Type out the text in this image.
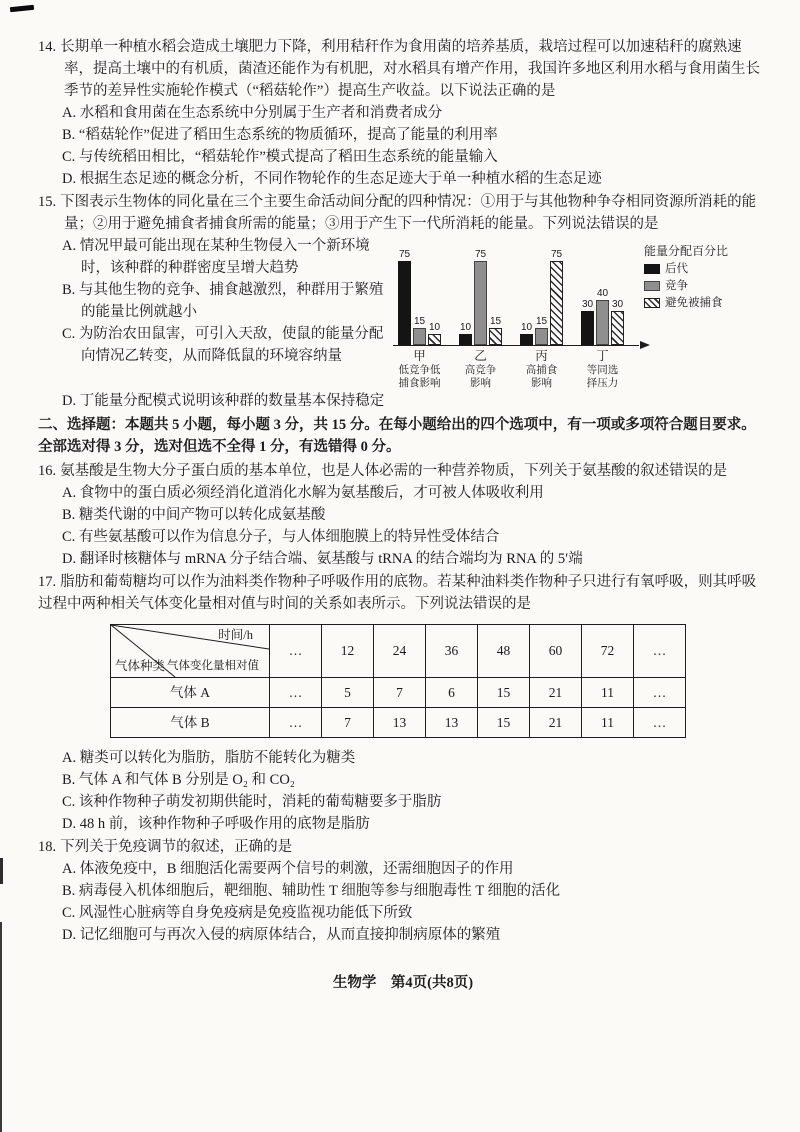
14. 长期单一种植水稻会造成土壤肥力下降，利用秸秆作为食用菌的培养基质，栽培过程可以加速秸秆的腐熟速率，提高土壤中的有机质，菌渣还能作为有机肥，对水稻具有增产作用，我国许多地区利用水稻与食用菌生长季节的差异性实施轮作模式（“稻菇轮作”）提高生产收益。以下说法正确的是
A. 水稻和食用菌在生态系统中分别属于生产者和消费者成分
B. “稻菇轮作”促进了稻田生态系统的物质循环，提高了能量的利用率
C. 与传统稻田相比，“稻菇轮作”模式提高了稻田生态系统的能量输入
D. 根据生态足迹的概念分析，不同作物轮作的生态足迹大于单一种植水稻的生态足迹
15. 下图表示生物体的同化量在三个主要生命活动间分配的四种情况：①用于与其他物种争夺相同资源所消耗的能量；②用于避免捕食者捕食所需的能量；③用于产生下一代所消耗的能量。下列说法错误的是
A. 情况甲最可能出现在某种生物侵入一个新环境时，该种群的种群密度呈增大趋势
B. 与其他生物的竞争、捕食越激烈，种群用于繁殖的能量比例就越小
C. 为防治农田鼠害，可引入天敌，使鼠的能量分配向情况乙转变，从而降低鼠的环境容纳量
75
15
10
甲
低竞争低
捕食影响
10
75
15
乙
高竞争
影响
10
15
75
丙
高捕食
影响
30
40
30
丁
等同选
择压力
能量分配百分比
后代
竞争
避免被捕食
D. 丁能量分配模式说明该种群的数量基本保持稳定
二、选择题：本题共 5 小题，每小题 3 分，共 15 分。在每小题给出的四个选项中，有一项或多项符合题目要求。全部选对得 3 分，选对但选不全得 1 分，有选错得 0 分。
16. 氨基酸是生物大分子蛋白质的基本单位，也是人体必需的一种营养物质，下列关于氨基酸的叙述错误的是
A. 食物中的蛋白质必须经消化道消化水解为氨基酸后，才可被人体吸收利用
B. 糖类代谢的中间产物可以转化成氨基酸
C. 有些氨基酸可以作为信息分子，与人体细胞膜上的特异性受体结合
D. 翻译时核糖体与 mRNA 分子结合端、氨基酸与 tRNA 的结合端均为 RNA 的 5′端
17. 脂肪和葡萄糖均可以作为油料类作物种子呼吸作用的底物。若某种油料类作物种子只进行有氧呼吸，则其呼吸过程中两种相关气体变化量相对值与时间的关系如表所示。下列说法错误的是
时间/h
气体变化量相对值
气体种类	…	12	24	36	48	60	72	…
气体 A	…	5	7	6	15	21	11	…
气体 B	…	7	13	13	15	21	11	…
A. 糖类可以转化为脂肪，脂肪不能转化为糖类
B. 气体 A 和气体 B 分别是 O₂ 和 CO₂
C. 该种作物种子萌发初期供能时，消耗的葡萄糖要多于脂肪
D. 48 h 前，该种作物种子呼吸作用的底物是脂肪
18. 下列关于免疫调节的叙述，正确的是
A. 体液免疫中，B 细胞活化需要两个信号的刺激，还需细胞因子的作用
B. 病毒侵入机体细胞后，靶细胞、辅助性 T 细胞等参与细胞毒性 T 细胞的活化
C. 风湿性心脏病等自身免疫病是免疫监视功能低下所致
D. 记忆细胞可与再次入侵的病原体结合，从而直接抑制病原体的繁殖
生物学　第4页(共8页)
